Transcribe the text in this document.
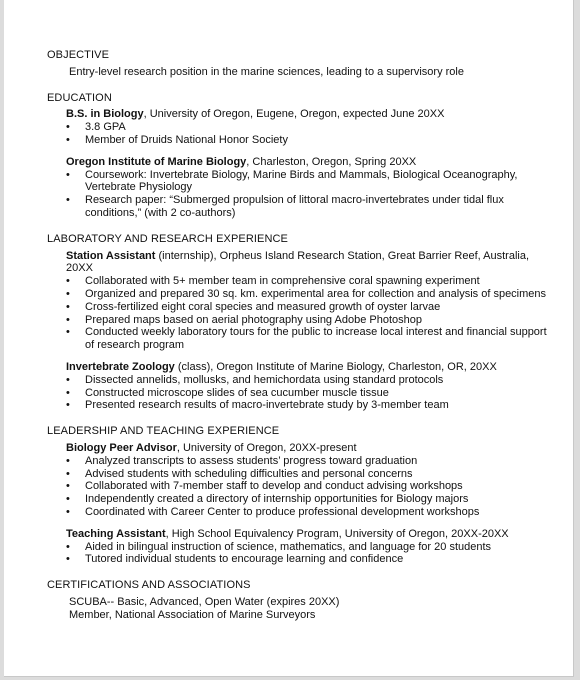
OBJECTIVE
Entry-level research position in the marine sciences, leading to a supervisory role
EDUCATION
B.S. in Biology, University of Oregon, Eugene, Oregon, expected June 20XX
• 3.8 GPA
• Member of Druids National Honor Society
Oregon Institute of Marine Biology, Charleston, Oregon, Spring 20XX
• Coursework: Invertebrate Biology, Marine Birds and Mammals, Biological Oceanography, Vertebrate Physiology
• Research paper: “Submerged propulsion of littoral macro-invertebrates under tidal flux conditions,” (with 2 co-authors)
LABORATORY AND RESEARCH EXPERIENCE
Station Assistant (internship), Orpheus Island Research Station, Great Barrier Reef, Australia, 20XX
• Collaborated with 5+ member team in comprehensive coral spawning experiment
• Organized and prepared 30 sq. km. experimental area for collection and analysis of specimens
• Cross-fertilized eight coral species and measured growth of oyster larvae
• Prepared maps based on aerial photography using Adobe Photoshop
• Conducted weekly laboratory tours for the public to increase local interest and financial support of research program
Invertebrate Zoology (class), Oregon Institute of Marine Biology, Charleston, OR, 20XX
• Dissected annelids, mollusks, and hemichordata using standard protocols
• Constructed microscope slides of sea cucumber muscle tissue
• Presented research results of macro-invertebrate study by 3-member team
LEADERSHIP AND TEACHING EXPERIENCE
Biology Peer Advisor, University of Oregon, 20XX-present
• Analyzed transcripts to assess students’ progress toward graduation
• Advised students with scheduling difficulties and personal concerns
• Collaborated with 7-member staff to develop and conduct advising workshops
• Independently created a directory of internship opportunities for Biology majors
• Coordinated with Career Center to produce professional development workshops
Teaching Assistant, High School Equivalency Program, University of Oregon, 20XX-20XX
• Aided in bilingual instruction of science, mathematics, and language for 20 students
• Tutored individual students to encourage learning and confidence
CERTIFICATIONS AND ASSOCIATIONS
SCUBA-- Basic, Advanced, Open Water (expires 20XX)
Member, National Association of Marine Surveyors
